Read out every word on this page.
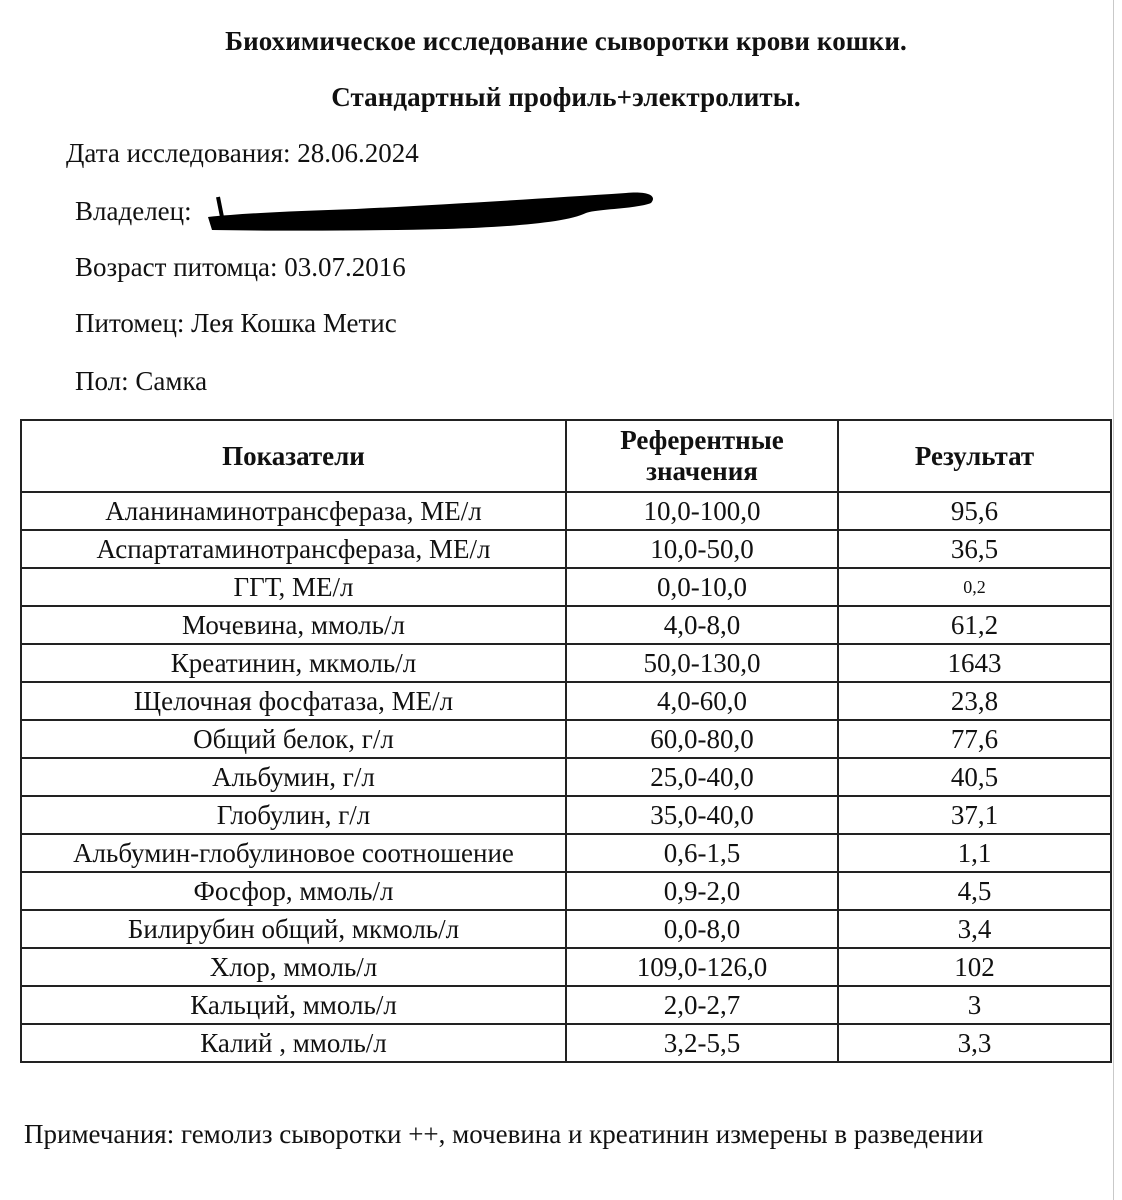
Биохимическое исследование сыворотки крови кошки.
Стандартный профиль+электролиты.
Дата исследования: 28.06.2024
Владелец:
Возраст питомца: 03.07.2016
Питомец: Лея Кошка Метис
Пол: Самка
Показатели	Референтные значения	Результат
Аланинаминотрансфераза, МЕ/л	10,0-100,0	95,6
Аспартатаминотрансфераза, МЕ/л	10,0-50,0	36,5
ГГТ, МЕ/л	0,0-10,0	0,2
Мочевина, ммоль/л	4,0-8,0	61,2
Креатинин, мкмоль/л	50,0-130,0	1643
Щелочная фосфатаза, МЕ/л	4,0-60,0	23,8
Общий белок, г/л	60,0-80,0	77,6
Альбумин, г/л	25,0-40,0	40,5
Глобулин, г/л	35,0-40,0	37,1
Альбумин-глобулиновое соотношение	0,6-1,5	1,1
Фосфор, ммоль/л	0,9-2,0	4,5
Билирубин общий, мкмоль/л	0,0-8,0	3,4
Хлор, ммоль/л	109,0-126,0	102
Кальций, ммоль/л	2,0-2,7	3
Калий , ммоль/л	3,2-5,5	3,3
Примечания: гемолиз сыворотки ++, мочевина и креатинин измерены в разведении
